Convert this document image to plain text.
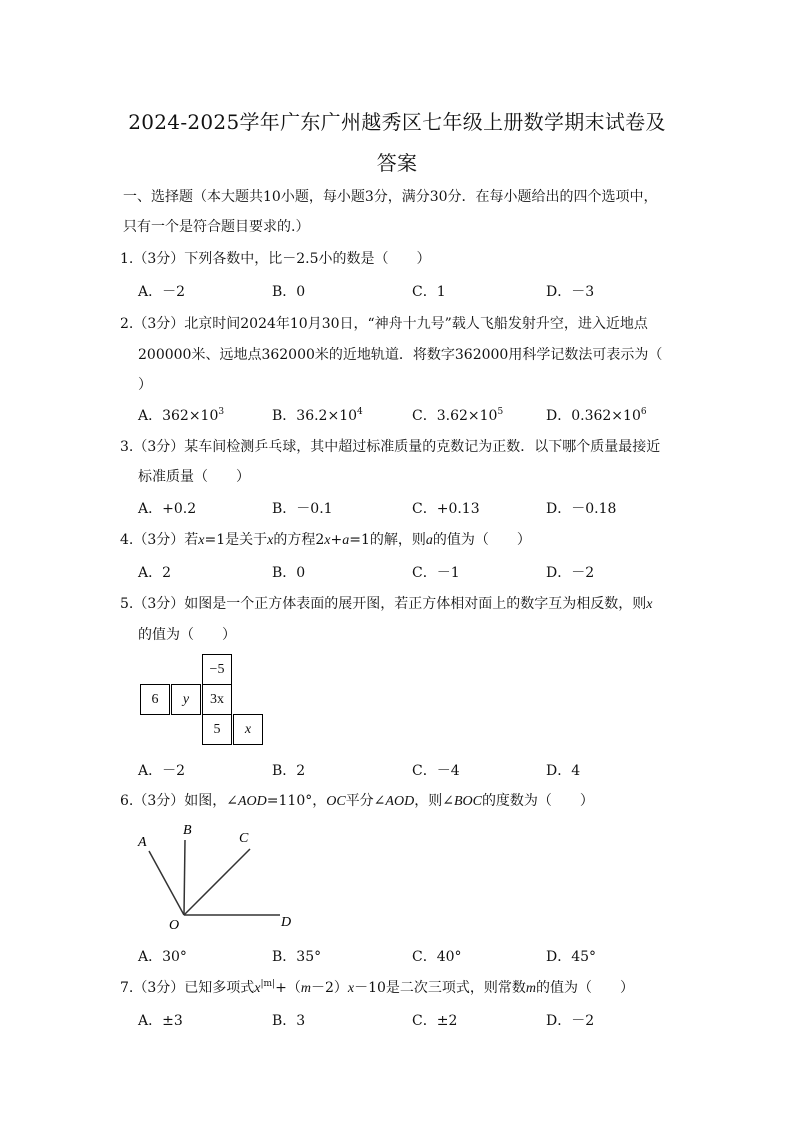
2024-2025学年广东广州越秀区七年级上册数学期末试卷及
答案
一、选择题（本大题共10小题，每小题3分，满分30分．在每小题给出的四个选项中，
只有一个是符合题目要求的.）
1.（3分）下列各数中，比－2.5小的数是（　　）
A．－2	B．0	C．1	D．－3
2.（3分）北京时间2024年10月30日，“神舟十九号”载人飞船发射升空，进入近地点
200000米、远地点362000米的近地轨道．将数字362000用科学记数法可表示为（
）
A．$362\times 10^3$	B．$36.2\times 10^4$	C．$3.62\times 10^5$	D．$0.362\times 10^6$
3.（3分）某车间检测乒乓球，其中超过标准质量的克数记为正数．以下哪个质量最接近
标准质量（　　）
A．+0.2	B．－0.1	C．+0.13	D．－0.18
4.（3分）若x=1是关于x的方程2x+a=1的解，则a的值为（　　）
A．2	B．0	C．－1	D．－2
5.（3分）如图是一个正方体表面的展开图，若正方体相对面上的数字互为相反数，则x
的值为（　　）
−5
6	y	3x
5	x
A．－2	B．2	C．－4	D．4
6.（3分）如图，∠AOD=110°，OC平分∠AOD，则∠BOC的度数为（　　）
A
B
C
O	D
A．30°	B．35°	C．40°	D．45°
7.（3分）已知多项式$x^{|m|}+(m-2)x-10$是二次三项式，则常数m的值为（　　）
A．±3	B．3	C．±2	D．－2
